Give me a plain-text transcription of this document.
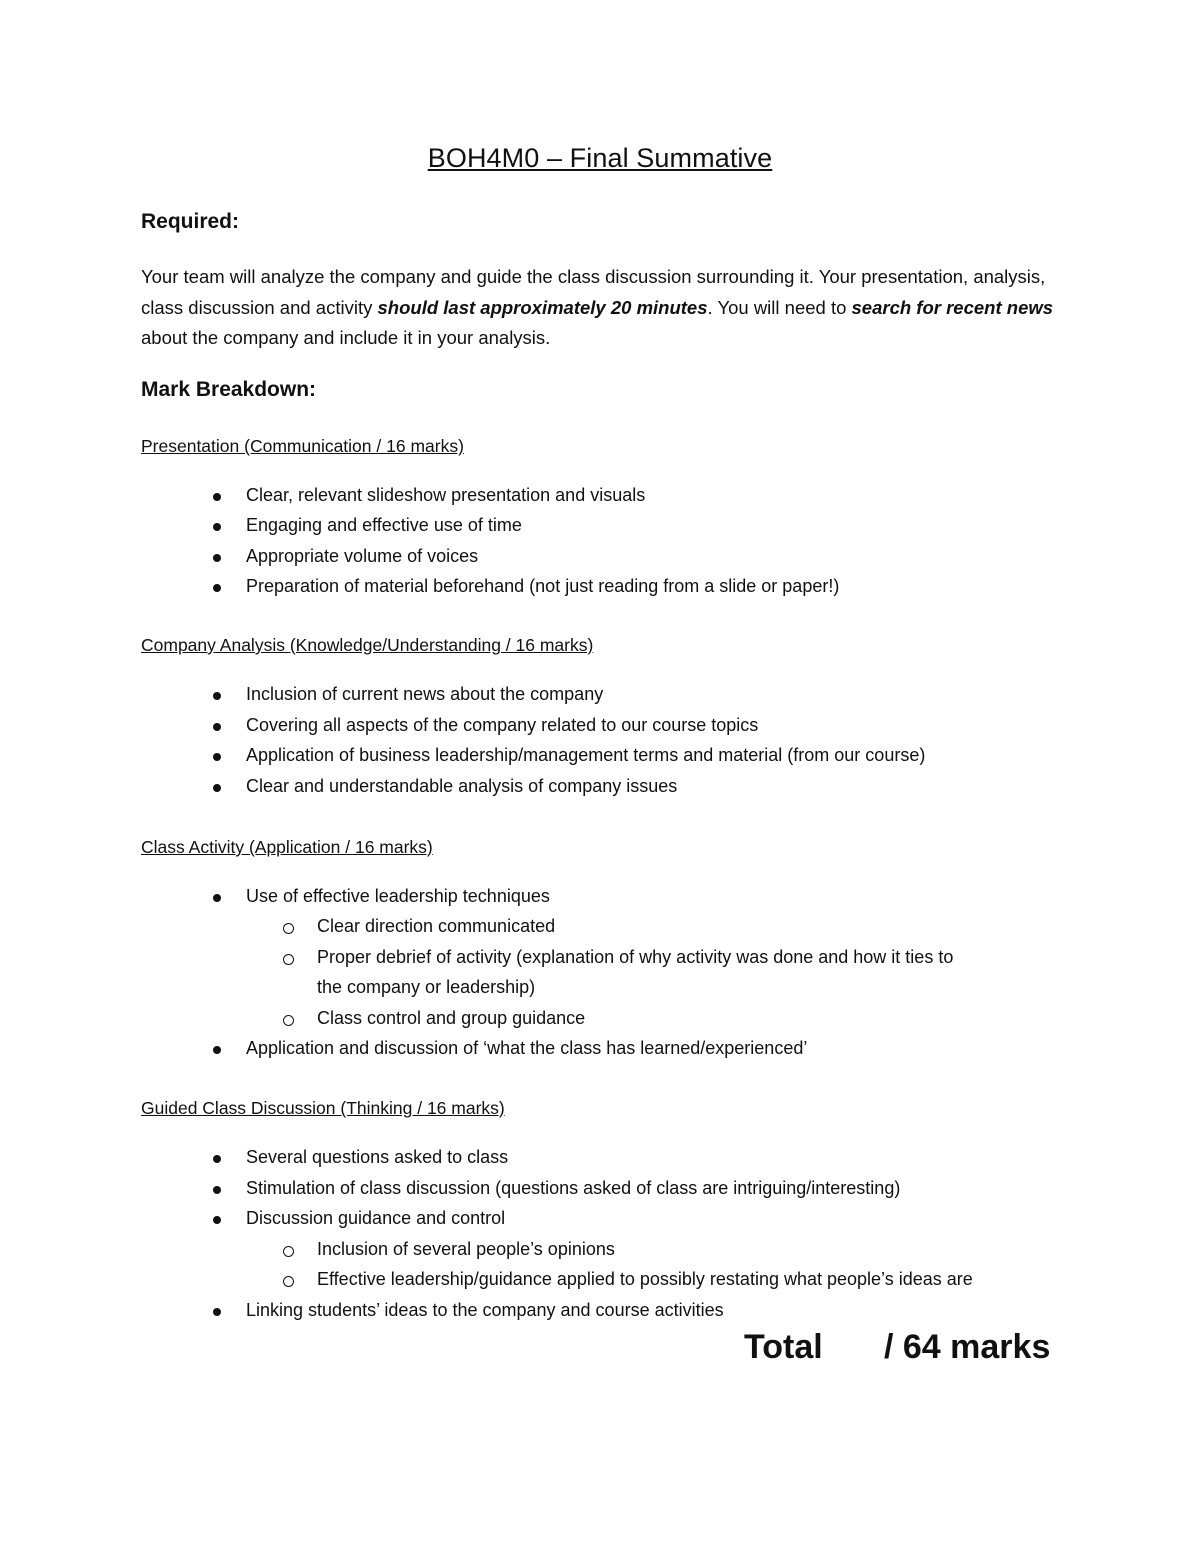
BOH4M0 – Final Summative
Required:
Your team will analyze the company and guide the class discussion surrounding it. Your presentation, analysis, class discussion and activity should last approximately 20 minutes. You will need to search for recent news about the company and include it in your analysis.
Mark Breakdown:
Presentation (Communication / 16 marks)
Clear, relevant slideshow presentation and visuals
Engaging and effective use of time
Appropriate volume of voices
Preparation of material beforehand (not just reading from a slide or paper!)
Company Analysis (Knowledge/Understanding / 16 marks)
Inclusion of current news about the company
Covering all aspects of the company related to our course topics
Application of business leadership/management terms and material (from our course)
Clear and understandable analysis of company issues
Class Activity (Application / 16 marks)
Use of effective leadership techniques
Clear direction communicated
Proper debrief of activity (explanation of why activity was done and how it ties to
the company or leadership)
Class control and group guidance
Application and discussion of ‘what the class has learned/experienced’
Guided Class Discussion (Thinking / 16 marks)
Several questions asked to class
Stimulation of class discussion (questions asked of class are intriguing/interesting)
Discussion guidance and control
Inclusion of several people’s opinions
Effective leadership/guidance applied to possibly restating what people’s ideas are
Linking students’ ideas to the company and course activities
Total / 64 marks
